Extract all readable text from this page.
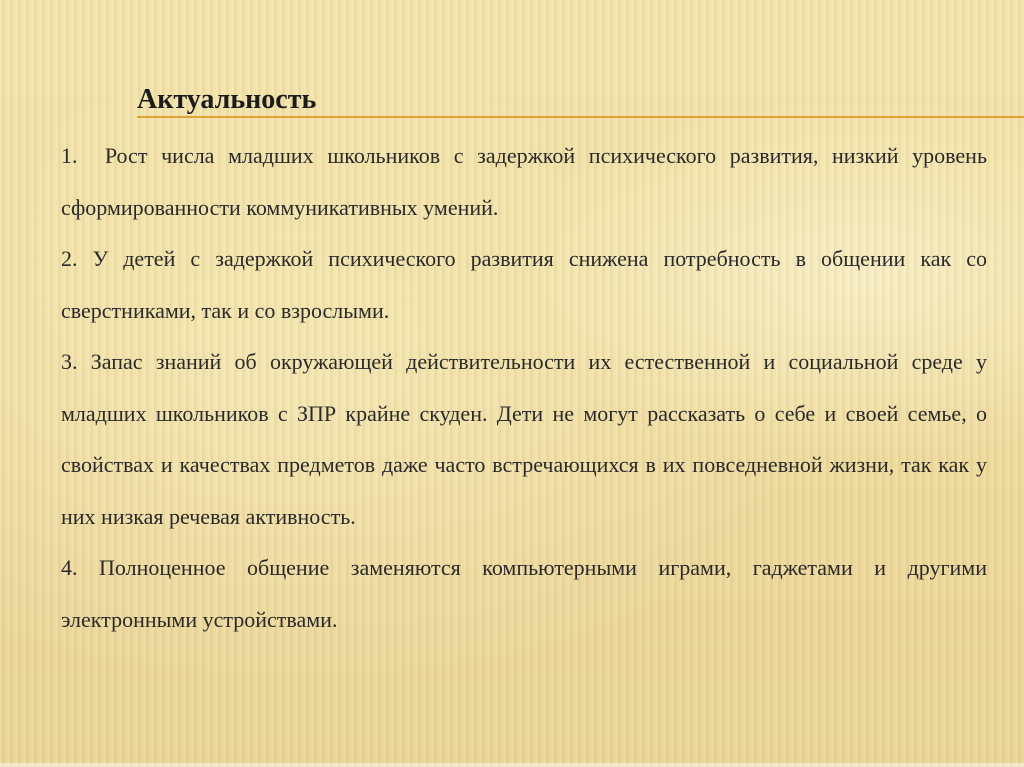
Актуальность

1.  Рост числа младших школьников с задержкой психического развития, низкий уровень сформированности коммуникативных умений.

2. У детей с задержкой психического развития снижена потребность в общении как со сверстниками, так и со взрослыми.

3. Запас знаний об окружающей действительности их естественной и социальной среде у младших школьников с ЗПР крайне скуден. Дети не могут рассказать о себе и своей семье, о свойствах и качествах предметов даже часто встречающихся в их повседневной жизни, так как у них низкая речевая активность.

4. Полноценное общение заменяются компьютерными играми, гаджетами и другими электронными устройствами.
